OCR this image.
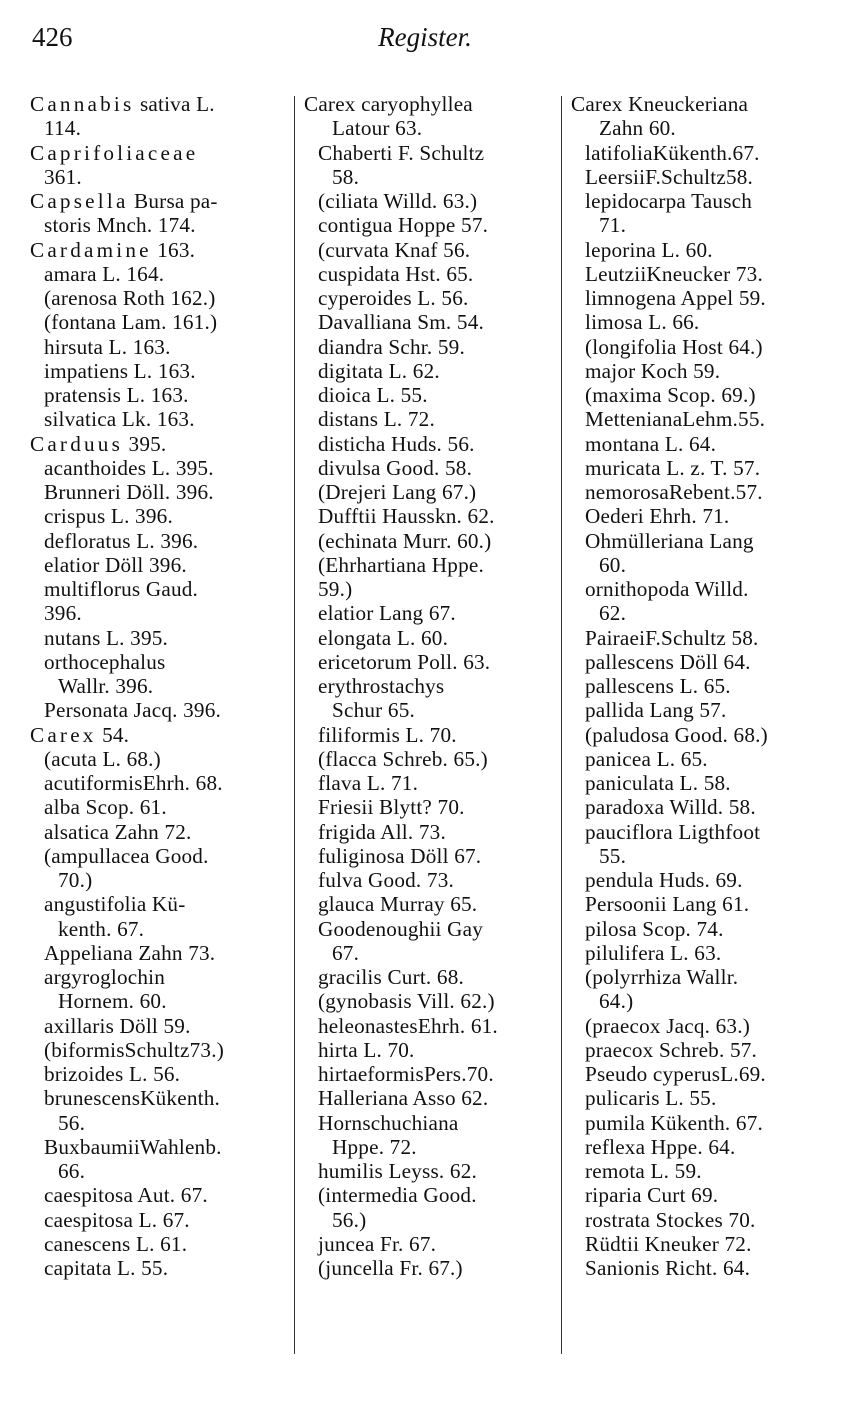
426	Register.
Cannabis sativa L.
114.
Caprifoliaceae
361.
Capsella Bursa pa-
storis Mnch. 174.
Cardamine 163.
amara L. 164.
(arenosa Roth 162.)
(fontana Lam. 161.)
hirsuta L. 163.
impatiens L. 163.
pratensis L. 163.
silvatica Lk. 163.
Carduus 395.
acanthoides L. 395.
Brunneri Döll. 396.
crispus L. 396.
defloratus L. 396.
elatior Döll 396.
multiflorus Gaud.
396.
nutans L. 395.
orthocephalus
Wallr. 396.
Personata Jacq. 396.
Carex 54.
(acuta L. 68.)
acutiformisEhrh. 68.
alba Scop. 61.
alsatica Zahn 72.
(ampullacea Good.
70.)
angustifolia Kü-
kenth. 67.
Appeliana Zahn 73.
argyroglochin
Hornem. 60.
axillaris Döll 59.
(biformisSchultz73.)
brizoides L. 56.
brunescensKükenth.
56.
BuxbaumiiWahlenb.
66.
caespitosa Aut. 67.
caespitosa L. 67.
canescens L. 61.
capitata L. 55.
Carex caryophyllea
Latour 63.
Chaberti F. Schultz
58.
(ciliata Willd. 63.)
contigua Hoppe 57.
(curvata Knaf 56.
cuspidata Hst. 65.
cyperoides L. 56.
Davalliana Sm. 54.
diandra Schr. 59.
digitata L. 62.
dioica L. 55.
distans L. 72.
disticha Huds. 56.
divulsa Good. 58.
(Drejeri Lang 67.)
Dufftii Hausskn. 62.
(echinata Murr. 60.)
(Ehrhartiana Hppe.
59.)
elatior Lang 67.
elongata L. 60.
ericetorum Poll. 63.
erythrostachys
Schur 65.
filiformis L. 70.
(flacca Schreb. 65.)
flava L. 71.
Friesii Blytt? 70.
frigida All. 73.
fuliginosa Döll 67.
fulva Good. 73.
glauca Murray 65.
Goodenoughii Gay
67.
gracilis Curt. 68.
(gynobasis Vill. 62.)
heleonastesEhrh. 61.
hirta L. 70.
hirtaeformisPers.70.
Halleriana Asso 62.
Hornschuchiana
Hppe. 72.
humilis Leyss. 62.
(intermedia Good.
56.)
juncea Fr. 67.
(juncella Fr. 67.)
Carex Kneuckeriana
Zahn 60.
latifoliaKükenth.67.
LeersiiF.Schultz58.
lepidocarpa Tausch
71.
leporina L. 60.
LeutziiKneucker 73.
limnogena Appel 59.
limosa L. 66.
(longifolia Host 64.)
major Koch 59.
(maxima Scop. 69.)
MettenianaLehm.55.
montana L. 64.
muricata L. z. T. 57.
nemorosaRebent.57.
Oederi Ehrh. 71.
Ohmülleriana Lang
60.
ornithopoda Willd.
62.
PairaeiF.Schultz 58.
pallescens Döll 64.
pallescens L. 65.
pallida Lang 57.
(paludosa Good. 68.)
panicea L. 65.
paniculata L. 58.
paradoxa Willd. 58.
pauciflora Ligthfoot
55.
pendula Huds. 69.
Persoonii Lang 61.
pilosa Scop. 74.
pilulifera L. 63.
(polyrrhiza Wallr.
64.)
(praecox Jacq. 63.)
praecox Schreb. 57.
Pseudo cyperusL.69.
pulicaris L. 55.
pumila Kükenth. 67.
reflexa Hppe. 64.
remota L. 59.
riparia Curt 69.
rostrata Stockes 70.
Rüdtii Kneuker 72.
Sanionis Richt. 64.
